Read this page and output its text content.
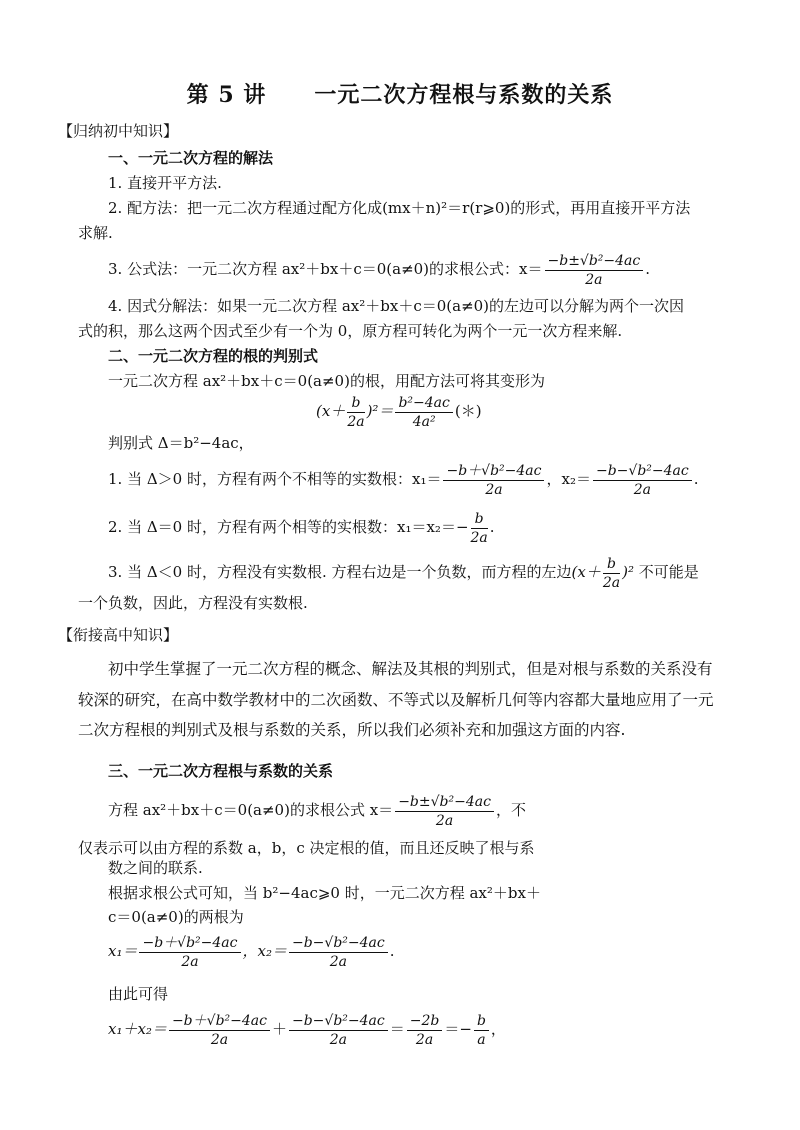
第 5 讲 一元二次方程根与系数的关系
【归纳初中知识】
一、一元二次方程的解法
1. 直接开平方法.
2. 配方法：把一元二次方程通过配方化成(mx＋n)²＝r(r⩾0)的形式，再用直接开平方法
求解.
3. 公式法：一元二次方程 ax²＋bx＋c＝0(a≠0)的求根公式：$x= \frac{\text{−b±√b²−4ac}}{2a}$ .
4. 因式分解法：如果一元二次方程 ax²＋bx＋c＝0(a≠0)的左边可以分解为两个一次因
式的积，那么这两个因式至少有一个为 0，原方程可转化为两个一元一次方程来解.
二、一元二次方程的根的判别式
一元二次方程 ax²＋bx＋c＝0(a≠0)的根，用配方法可将其变形为
$(x+ \frac{b}{2a} )^2= \frac{\text{b²−4ac}}{\text{4a²}}$ (＊)
判别式 Δ＝b²−4ac，
1. 当 Δ＞0 时，方程有两个不相等的实数根：$x_1= \frac{\text{−b＋√b²−4ac}}{2a}$ ，$x_2= \frac{\text{−b−√b²−4ac}}{2a}$ .
2. 当 Δ＝0 时，方程有两个相等的实根数：$x_1=x_2=- \frac{b}{2a}$ .
3. 当 Δ＜0 时，方程没有实数根. 方程右边是一个负数，而方程的左边$(x+ \frac{b}{2a} )^2$ 不可能是
一个负数，因此，方程没有实数根.
【衔接高中知识】
初中学生掌握了一元二次方程的概念、解法及其根的判别式，但是对根与系数的关系没有
较深的研究，在高中数学教材中的二次函数、不等式以及解析几何等内容都大量地应用了一元
二次方程根的判别式及根与系数的关系，所以我们必须补充和加强这方面的内容.
三、一元二次方程根与系数的关系
方程 ax²＋bx＋c＝0(a≠0)的求根公式 $x= \frac{\text{−b±√b²−4ac}}{2a}$ ，不
仅表示可以由方程的系数 a，b，c 决定根的值，而且还反映了根与系
数之间的联系.
根据求根公式可知，当 b²−4ac⩾0 时，一元二次方程 ax²＋bx＋
c＝0(a≠0)的两根为
$x_1= \frac{\text{−b＋√b²−4ac}}{2a}$ ，$x_2= \frac{\text{−b−√b²−4ac}}{2a}$ .
由此可得
$x_1+x_2= \frac{\text{−b＋√b²−4ac}}{2a} + \frac{\text{−b−√b²−4ac}}{2a} = \frac{-2b}{2a} =- \frac{b}{a}$ ，
